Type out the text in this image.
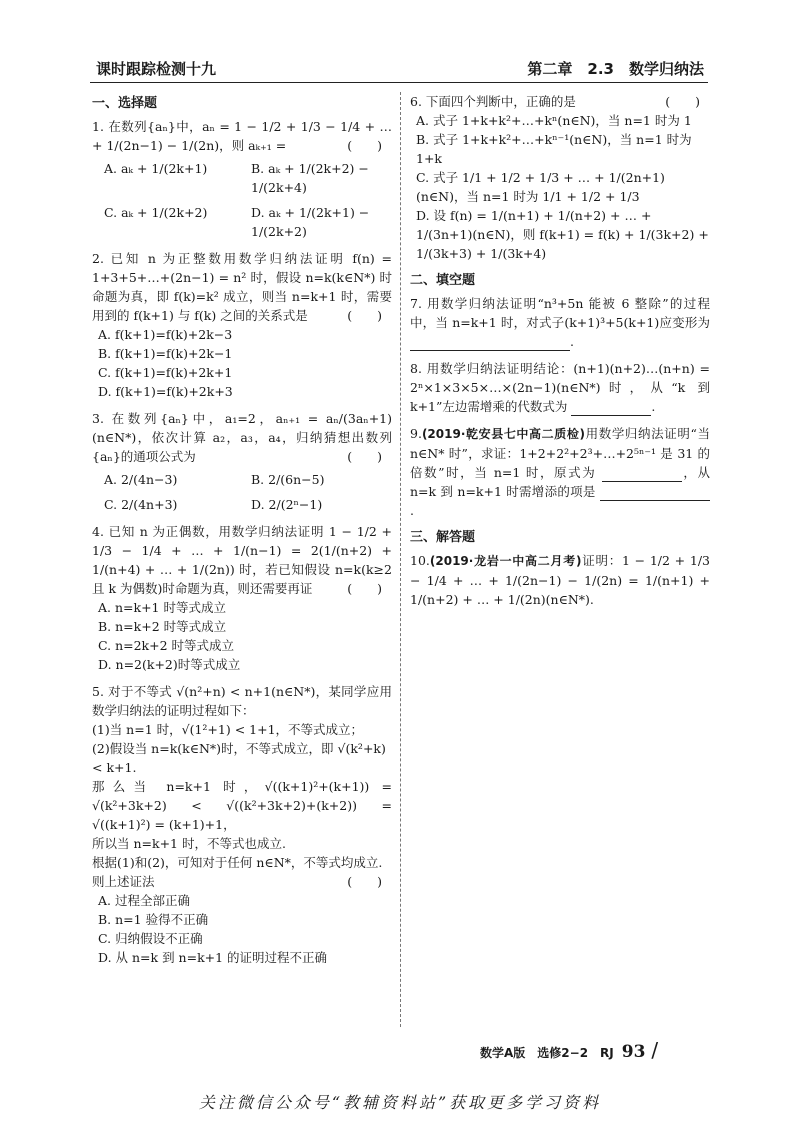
课时跟踪检测十九	第二章　2.3　数学归纳法
一、选择题
1. 在数列{aₙ}中，aₙ = 1 − 1/2 + 1/3 − 1/4 + … + 1/(2n−1) − 1/(2n)，则 aₖ₊₁ =	(　　)
A. aₖ + 1/(2k+1)	B. aₖ + 1/(2k+2) − 1/(2k+4)
C. aₖ + 1/(2k+2)	D. aₖ + 1/(2k+1) − 1/(2k+2)
2. 已知 n 为正整数用数学归纳法证明 f(n) = 1+3+5+…+(2n−1) = n² 时，假设 n=k(k∈N*) 时命题为真，即 f(k)=k² 成立，则当 n=k+1 时，需要用到的 f(k+1) 与 f(k) 之间的关系式是	(　　)
A. f(k+1)=f(k)+2k−3
B. f(k+1)=f(k)+2k−1
C. f(k+1)=f(k)+2k+1
D. f(k+1)=f(k)+2k+3
3. 在数列{aₙ}中，a₁=2，aₙ₊₁ = aₙ/(3aₙ+1)(n∈N*)，依次计算 a₂，a₃，a₄，归纳猜想出数列{aₙ}的通项公式为	(　　)
A. 2/(4n−3)	B. 2/(6n−5)
C. 2/(4n+3)	D. 2/(2ⁿ−1)
4. 已知 n 为正偶数，用数学归纳法证明 1 − 1/2 + 1/3 − 1/4 + … + 1/(n−1) = 2(1/(n+2) + 1/(n+4) + … + 1/(2n)) 时，若已知假设 n=k(k≥2 且 k 为偶数)时命题为真，则还需要再证	(　　)
A. n=k+1 时等式成立
B. n=k+2 时等式成立
C. n=2k+2 时等式成立
D. n=2(k+2)时等式成立
5. 对于不等式 √(n²+n) < n+1(n∈N*)，某同学应用数学归纳法的证明过程如下：
(1)当 n=1 时，√(1²+1) < 1+1，不等式成立；
(2)假设当 n=k(k∈N*)时，不等式成立，即 √(k²+k) < k+1.
那么当 n=k+1 时，√((k+1)²+(k+1)) = √(k²+3k+2) < √((k²+3k+2)+(k+2)) = √((k+1)²) = (k+1)+1，
所以当 n=k+1 时，不等式也成立.
根据(1)和(2)，可知对于任何 n∈N*，不等式均成立.
则上述证法	(　　)
A. 过程全部正确
B. n=1 验得不正确
C. 归纳假设不正确
D. 从 n=k 到 n=k+1 的证明过程不正确
6. 下面四个判断中，正确的是	(　　)
A. 式子 1+k+k²+…+kⁿ(n∈N)，当 n=1 时为 1
B. 式子 1+k+k²+…+kⁿ⁻¹(n∈N)，当 n=1 时为 1+k
C. 式子 1/1 + 1/2 + 1/3 + … + 1/(2n+1)(n∈N)，当 n=1 时为 1/1 + 1/2 + 1/3
D. 设 f(n) = 1/(n+1) + 1/(n+2) + … + 1/(3n+1)(n∈N)，则 f(k+1) = f(k) + 1/(3k+2) + 1/(3k+3) + 1/(3k+4)
二、填空题
7. 用数学归纳法证明“n³+5n 能被 6 整除”的过程中，当 n=k+1 时，对式子(k+1)³+5(k+1)应变形为 .
8. 用数学归纳法证明结论：(n+1)(n+2)…(n+n) = 2ⁿ×1×3×5×…×(2n−1)(n∈N*)时，从“k 到 k+1”左边需增乘的代数式为	.
9.(2019·乾安县七中高二质检)用数学归纳法证明“当 n∈N* 时”，求证：1+2+2²+2³+…+2⁵ⁿ⁻¹ 是 31 的倍数”时，当 n=1 时，原式为	，从 n=k 到 n=k+1 时需增添的项是 .
三、解答题
10.(2019·龙岩一中高二月考)证明：1 − 1/2 + 1/3 − 1/4 + … + 1/(2n−1) − 1/(2n) = 1/(n+1) + 1/(n+2) + … + 1/(2n)(n∈N*).
数学A版　选修2−2　RJ 93 /
关注微信公众号“教辅资料站”获取更多学习资料
